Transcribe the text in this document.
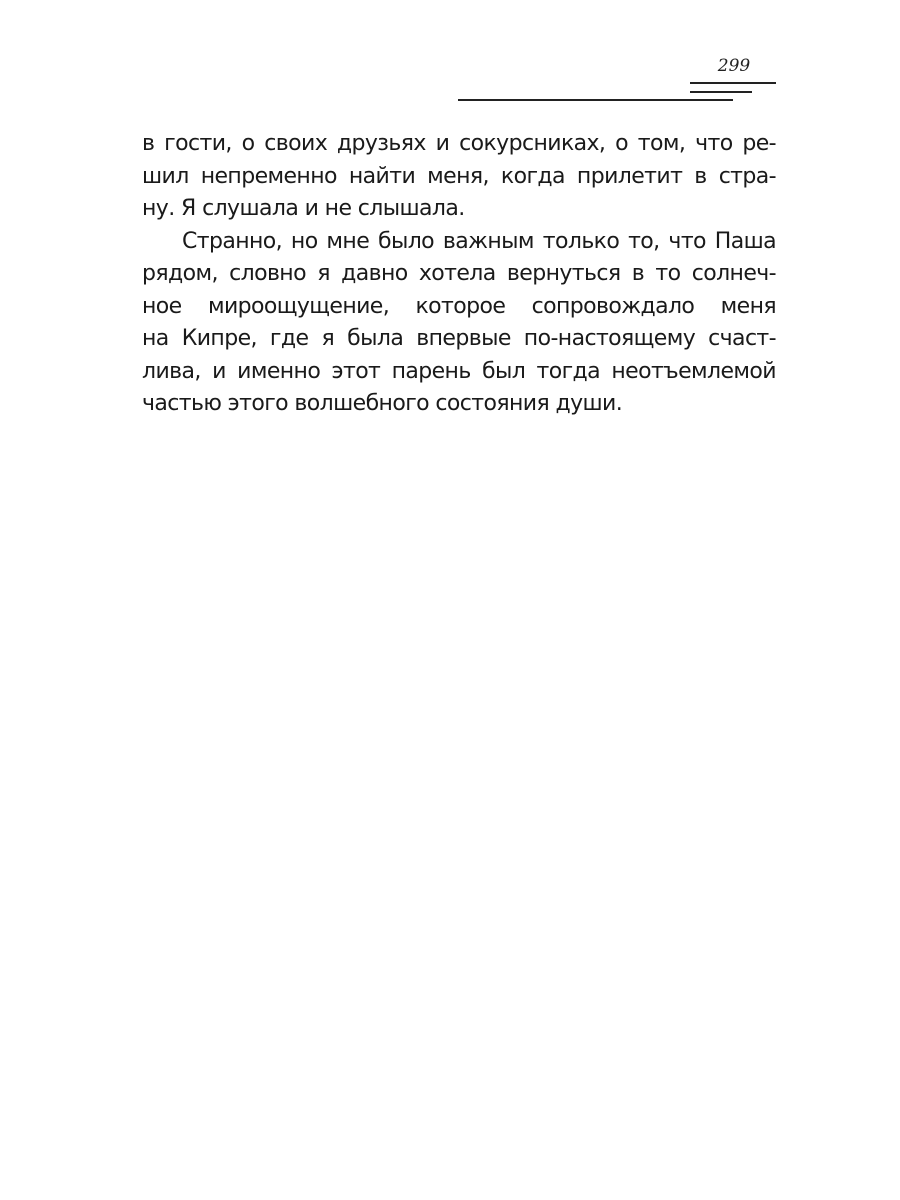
299
в гости, о своих друзьях и сокурсниках, о том, что ре-
шил непременно найти меня, когда прилетит в стра-
ну. Я слушала и не слышала.
Странно, но мне было важным только то, что Паша
рядом, словно я давно хотела вернуться в то солнеч-
ное мироощущение, которое сопровождало меня
на Кипре, где я была впервые по-настоящему счаст-
лива, и именно этот парень был тогда неотъемлемой
частью этого волшебного состояния души.
